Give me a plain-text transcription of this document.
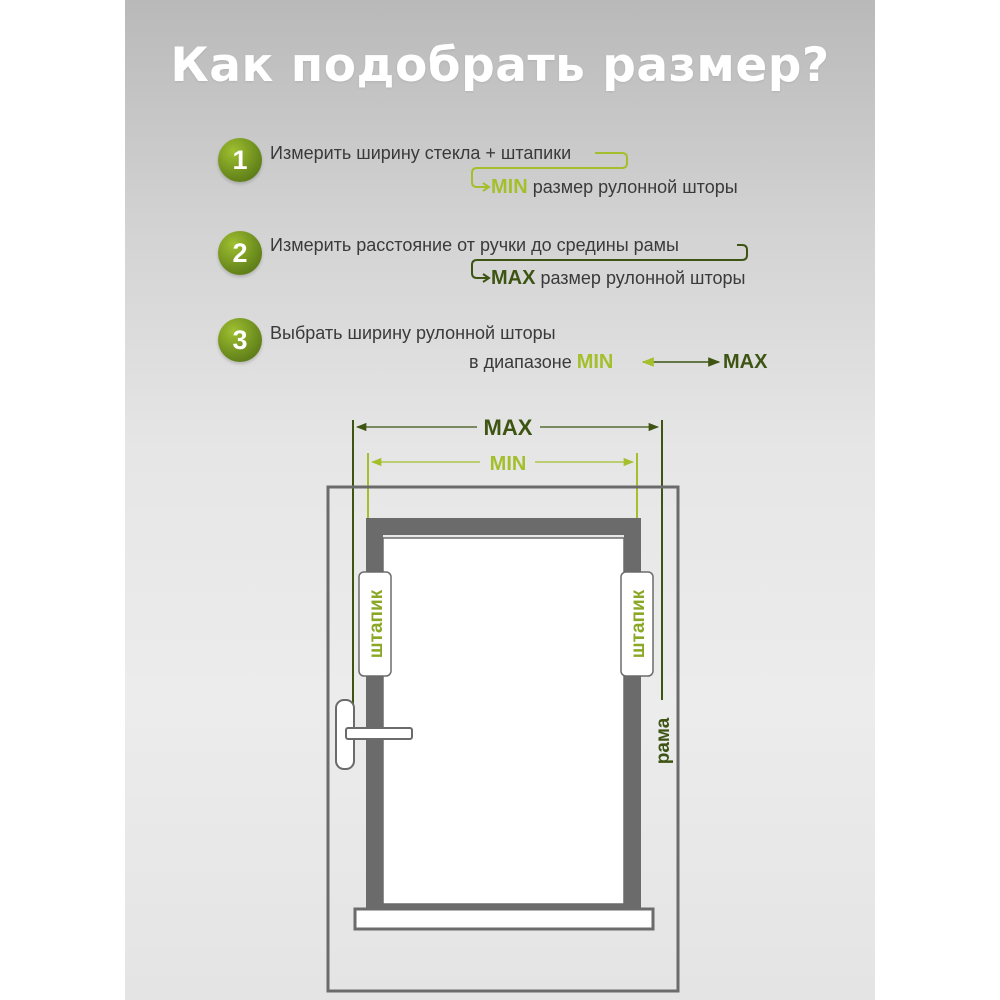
Как подобрать размер?
1	Измерить ширину стекла + штапики
MIN размер рулонной шторы
2	Измерить расстояние от ручки до средины рамы
MAX размер рулонной шторы
3	Выбрать ширину рулонной шторы
в диапазоне MIN	MAX
MAX
MIN
штапик	штапик
рама
